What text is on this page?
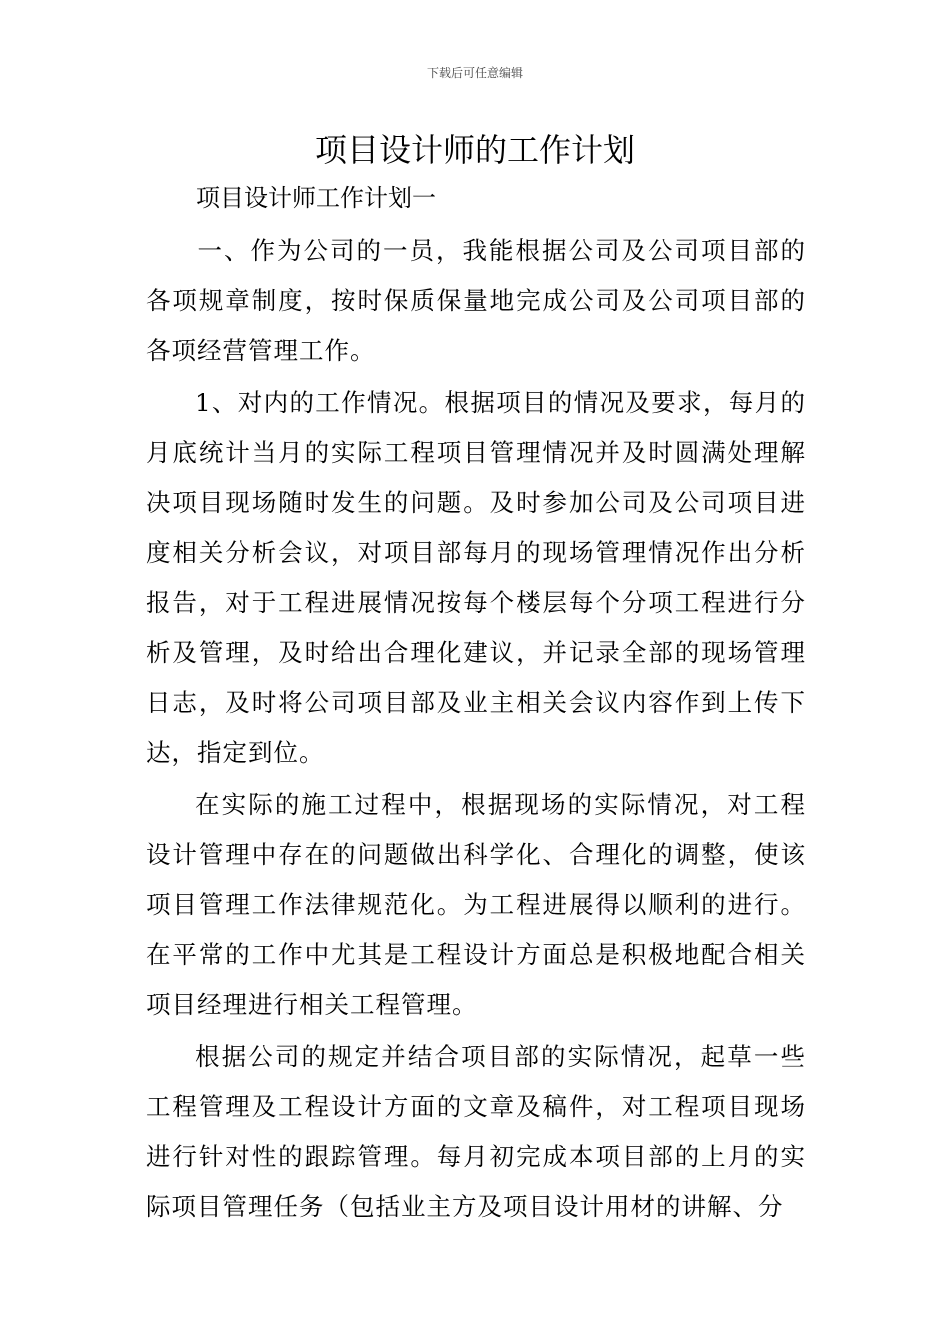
下载后可任意编辑
项目设计师的工作计划

项目设计师工作计划一

一、作为公司的一员，我能根据公司及公司项目部的各项规章制度，按时保质保量地完成公司及公司项目部的各项经营管理工作。

1、对内的工作情况。根据项目的情况及要求，每月的月底统计当月的实际工程项目管理情况并及时圆满处理解决项目现场随时发生的问题。及时参加公司及公司项目进度相关分析会议，对项目部每月的现场管理情况作出分析报告，对于工程进展情况按每个楼层每个分项工程进行分析及管理，及时给出合理化建议，并记录全部的现场管理日志，及时将公司项目部及业主相关会议内容作到上传下达，指定到位。

在实际的施工过程中，根据现场的实际情况，对工程设计管理中存在的问题做出科学化、合理化的调整，使该项目管理工作法律规范化。为工程进展得以顺利的进行。在平常的工作中尤其是工程设计方面总是积极地配合相关项目经理进行相关工程管理。

根据公司的规定并结合项目部的实际情况，起草一些工程管理及工程设计方面的文章及稿件，对工程项目现场进行针对性的跟踪管理。每月初完成本项目部的上月的实际项目管理任务（包括业主方及项目设计用材的讲解、分
